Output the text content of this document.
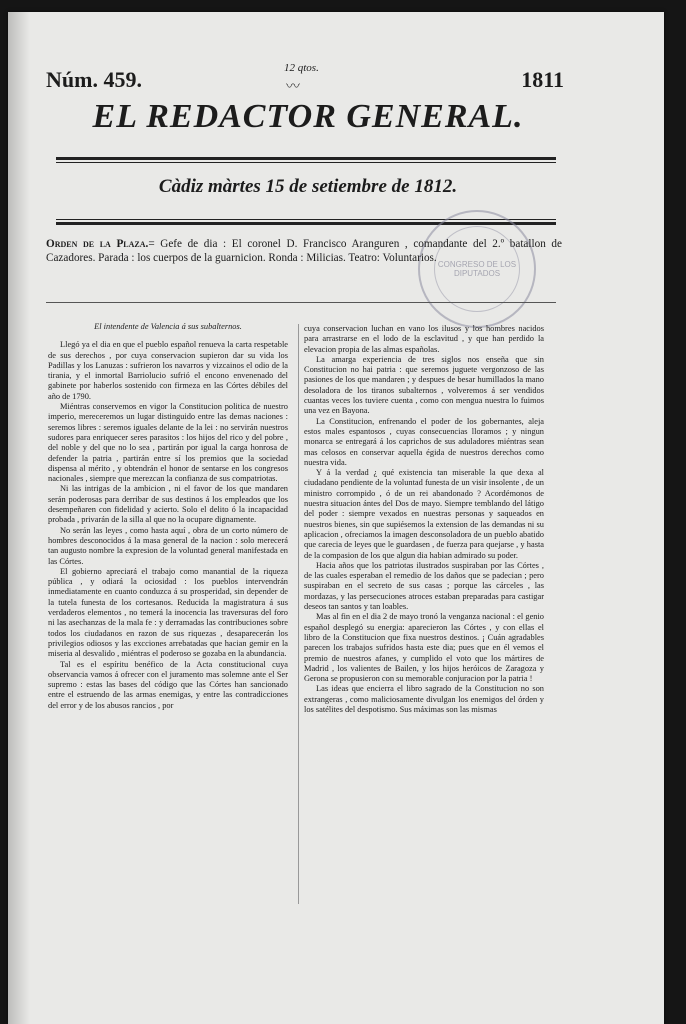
Núm. 459.	12 qtos.
〰	1811
EL REDACTOR GENERAL.
Càdiz màrtes 15 de setiembre de 1812.
CONGRESO DE LOS DIPUTADOS
Orden de la Plaza.= Gefe de dia : El coronel D. Francisco Aranguren , comandante del 2.º batallon de Cazadores. Parada : los cuerpos de la guarnicion. Ronda : Milicias. Teatro: Voluntarios.

El intendente de Valencia á sus subalternos.

Llegó ya el dia en que el pueblo español renueva la carta respetable de sus derechos , por cuya conservacion supieron dar su vida los Padillas y los Lanuzas : sufrieron los navarros y vizcainos el odio de la tirania, y el inmortal Barriolucio sufrió el encono envenenado del gabinete por haberlos sostenido con firmeza en las Córtes débiles del año de 1790.

Miéntras conservemos en vigor la Constitucion politica de nuestro imperio, mereceremos un lugar distinguido entre las demas naciones : seremos libres : seremos iguales delante de la lei : no servirán nuestros sudores para enriquecer seres parasitos : los hijos del rico y del pobre , del noble y del que no lo sea , partirán por igual la carga honrosa de defender la patria , partirán entre sí los premios que la sociedad dispensa al mérito , y obtendrán el honor de sentarse en los congresos nacionales , siempre que merezcan la confianza de sus compatriotas.

Ni las intrigas de la ambicion , ni el favor de los que mandaren serán poderosas para derribar de sus destinos á los empleados que los desempeñaren con fidelidad y acierto. Solo el delito ó la incapacidad probada , privarán de la silla al que no la ocupare dignamente.

No serán las leyes , como hasta aquí , obra de un corto número de hombres desconocidos á la masa general de la nacion : solo merecerá tan augusto nombre la expresion de la voluntad general manifestada en las Córtes.

El gobierno apreciará el trabajo como manantial de la riqueza pública , y odiará la ociosidad : los pueblos intervendrán inmediatamente en cuanto conduzca á su prosperidad, sin depender de la tutela funesta de los cortesanos. Reducida la magistratura á sus verdaderos elementos , no temerá la inocencia las traversuras del foro ni las asechanzas de la mala fe : y derramadas las contribuciones sobre todos los ciudadanos en razon de sus riquezas , desaparecerán los privilegios odiosos y las excciones arrebatadas que hacian gemir en la miseria al desvalido , miéntras el poderoso se gozaba en la abundancia.

Tal es el espíritu benéfico de la Acta constitucional cuya observancia vamos á ofrecer con el juramento mas solemne ante el Ser supremo : estas las bases del código que las Córtes han sancionado entre el estruendo de las armas enemigas, y entre las contradicciones del error y de los abusos rancios , por

cuya conservacion luchan en vano los ilusos y los hombres nacidos para arrastrarse en el lodo de la esclavitud , y que han perdido la elevacion propia de las almas españolas.

La amarga experiencia de tres siglos nos enseña que sin Constitucion no hai patria : que seremos juguete vergonzoso de las pasiones de los que mandaren ; y despues de besar humillados la mano desoladora de los tiranos subalternos , volveremos á ser vendidos cuantas veces los tuviere cuenta , como con mengua nuestra lo fuimos una vez en Bayona.

La Constitucion, enfrenando el poder de los gobernantes, aleja estos males espantosos , cuyas consecuencias lloramos ; y ningun monarca se entregará á los caprichos de sus aduladores miéntras sean mas celosos en conservar aquella égida de nuestros derechos como nuestra vida.

Y á la verdad ¿ qué existencia tan miserable la que dexa al ciudadano pendiente de la voluntad funesta de un visir insolente , de un ministro corrompido , ó de un rei abandonado ? Acordémonos de nuestra situacion ántes del Dos de mayo. Siempre temblando del látigo del poder : siempre vexados en nuestras personas y saqueados en nuestros bienes, sin que supiésemos la extension de las demandas ni su aplicacion , ofreciamos la imagen desconsoladora de un pueblo abatido que carecia de leyes que le guardasen , de fuerza para quejarse , y hasta de la compasion de los que algun dia habian admirado su poder.

Hacia años que los patriotas ilustrados suspiraban por las Córtes , de las cuales esperaban el remedio de los daños que se padecian ; pero suspiraban en el secreto de sus casas ; porque las cárceles , las mordazas, y las persecuciones atroces estaban preparadas para castigar deseos tan santos y tan loables.

Mas al fin en el dia 2 de mayo tronó la venganza nacional : el genio español desplegó su energia: aparecieron las Córtes , y con ellas el libro de la Constitucion que fixa nuestros destinos. ¡ Cuán agradables parecen los trabajos sufridos hasta este dia; pues que en él vemos el premio de nuestros afanes, y cumplido el voto que los mártires de Madrid , los valientes de Bailen, y los hijos heróicos de Zaragoza y Gerona se propusieron con su memorable conjuracion por la patria !

Las ideas que encierra el libro sagrado de la Constitucion no son extrangeras , como maliciosamente divulgan los enemigos del órden y los satélites del despotismo. Sus máximas son las mismas
